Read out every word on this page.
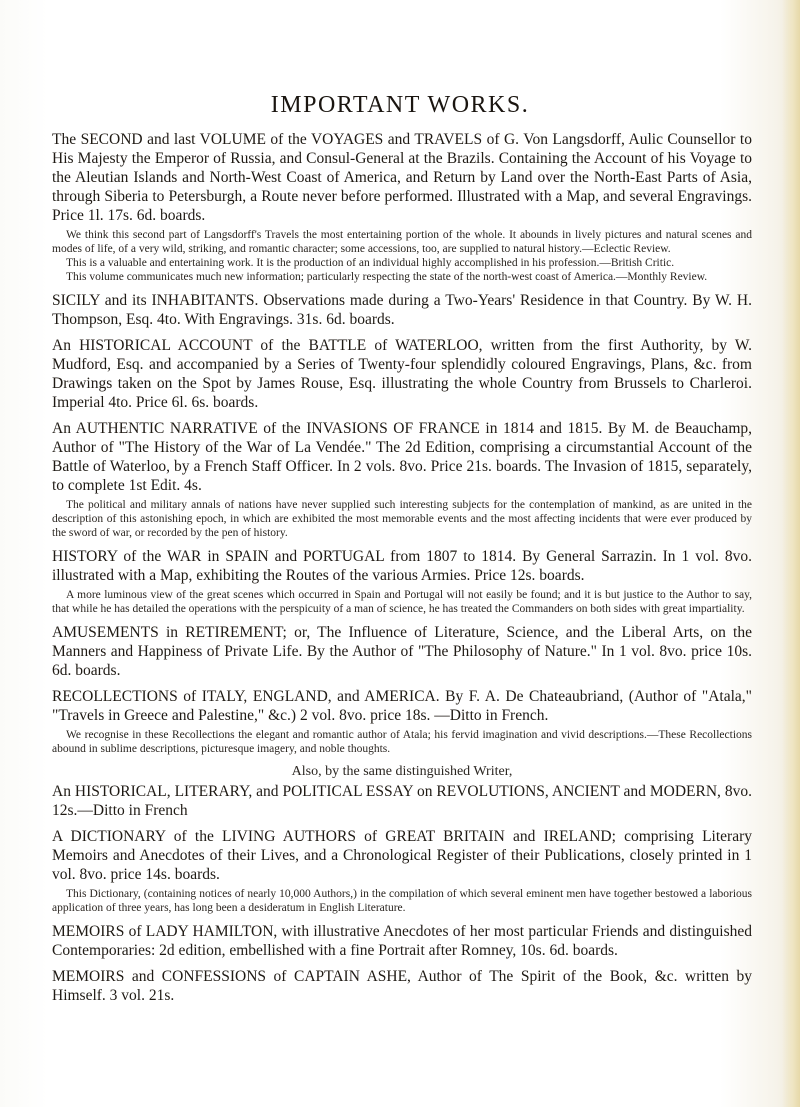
IMPORTANT WORKS.

The SECOND and last VOLUME of the VOYAGES and TRAVELS of G. Von Langsdorff, Aulic Counsellor to His Majesty the Emperor of Russia, and Consul-General at the Brazils. Containing the Account of his Voyage to the Aleutian Islands and North-West Coast of America, and Return by Land over the North-East Parts of Asia, through Siberia to Petersburgh, a Route never before performed. Illustrated with a Map, and several Engravings. Price 1l. 17s. 6d. boards.

We think this second part of Langsdorff's Travels the most entertaining portion of the whole. It abounds in lively pictures and natural scenes and modes of life, of a very wild, striking, and romantic character; some accessions, too, are supplied to natural history.—Eclectic Review.

This is a valuable and entertaining work. It is the production of an individual highly accomplished in his profession.—British Critic.

This volume communicates much new information; particularly respecting the state of the north-west coast of America.—Monthly Review.

SICILY and its INHABITANTS. Observations made during a Two-Years' Residence in that Country. By W. H. Thompson, Esq. 4to. With Engravings. 31s. 6d. boards.

An HISTORICAL ACCOUNT of the BATTLE of WATERLOO, written from the first Authority, by W. Mudford, Esq. and accompanied by a Series of Twenty-four splendidly coloured Engravings, Plans, &c. from Drawings taken on the Spot by James Rouse, Esq. illustrating the whole Country from Brussels to Charleroi. Imperial 4to. Price 6l. 6s. boards.

An AUTHENTIC NARRATIVE of the INVASIONS OF FRANCE in 1814 and 1815. By M. de Beauchamp, Author of "The History of the War of La Vendée." The 2d Edition, comprising a circumstantial Account of the Battle of Waterloo, by a French Staff Officer. In 2 vols. 8vo. Price 21s. boards. The Invasion of 1815, separately, to complete 1st Edit. 4s.

The political and military annals of nations have never supplied such interesting subjects for the contemplation of mankind, as are united in the description of this astonishing epoch, in which are exhibited the most memorable events and the most affecting incidents that were ever produced by the sword of war, or recorded by the pen of history.

HISTORY of the WAR in SPAIN and PORTUGAL from 1807 to 1814. By General Sarrazin. In 1 vol. 8vo. illustrated with a Map, exhibiting the Routes of the various Armies. Price 12s. boards.

A more luminous view of the great scenes which occurred in Spain and Portugal will not easily be found; and it is but justice to the Author to say, that while he has detailed the operations with the perspicuity of a man of science, he has treated the Commanders on both sides with great impartiality.

AMUSEMENTS in RETIREMENT; or, The Influence of Literature, Science, and the Liberal Arts, on the Manners and Happiness of Private Life. By the Author of "The Philosophy of Nature." In 1 vol. 8vo. price 10s. 6d. boards.

RECOLLECTIONS of ITALY, ENGLAND, and AMERICA. By F. A. De Chateaubriand, (Author of "Atala," "Travels in Greece and Palestine," &c.) 2 vol. 8vo. price 18s. —Ditto in French.

We recognise in these Recollections the elegant and romantic author of Atala; his fervid imagination and vivid descriptions.—These Recollections abound in sublime descriptions, picturesque imagery, and noble thoughts.

Also, by the same distinguished Writer,

An HISTORICAL, LITERARY, and POLITICAL ESSAY on REVOLUTIONS, ANCIENT and MODERN, 8vo. 12s.—Ditto in French

A DICTIONARY of the LIVING AUTHORS of GREAT BRITAIN and IRELAND; comprising Literary Memoirs and Anecdotes of their Lives, and a Chronological Register of their Publications, closely printed in 1 vol. 8vo. price 14s. boards.

This Dictionary, (containing notices of nearly 10,000 Authors,) in the compilation of which several eminent men have together bestowed a laborious application of three years, has long been a desideratum in English Literature.

MEMOIRS of LADY HAMILTON, with illustrative Anecdotes of her most particular Friends and distinguished Contemporaries: 2d edition, embellished with a fine Portrait after Romney, 10s. 6d. boards.

MEMOIRS and CONFESSIONS of CAPTAIN ASHE, Author of The Spirit of the Book, &c. written by Himself. 3 vol. 21s.
